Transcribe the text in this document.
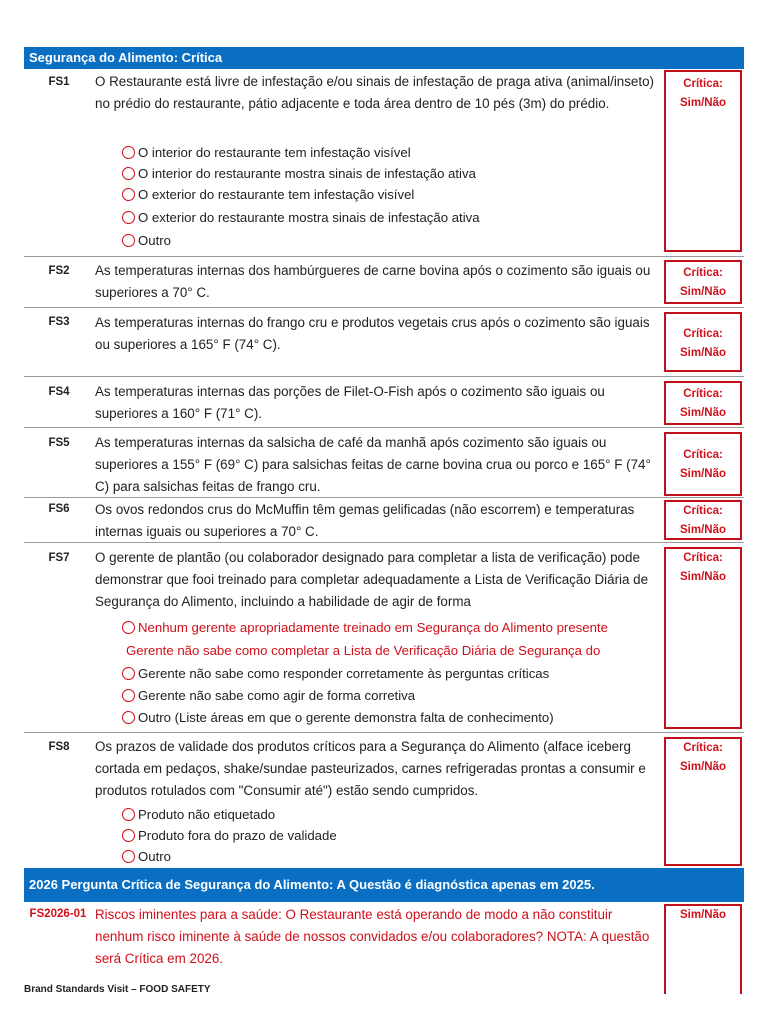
Segurança do Alimento: Crítica
FS1	O Restaurante está livre de infestação e/ou sinais de infestação de praga ativa (animal/inseto) no prédio do restaurante, pátio adjacente e toda área dentro de 10 pés (3m) do prédio.
O interior do restaurante tem infestação visível
O interior do restaurante mostra sinais de infestação ativa
O exterior do restaurante tem infestação visível
O exterior do restaurante mostra sinais de infestação ativa
Outro
Crítica:
Sim/Não
FS2	As temperaturas internas dos hambúrgueres de carne bovina após o cozimento são iguais ou superiores a 70° C.
Crítica:
Sim/Não
FS3	As temperaturas internas do frango cru e produtos vegetais crus após o cozimento são iguais ou superiores a 165° F (74° C).
Crítica:
Sim/Não
FS4	As temperaturas internas das porções de Filet-O-Fish após o cozimento são iguais ou superiores a 160° F (71° C).
Crítica:
Sim/Não
FS5	As temperaturas internas da salsicha de café da manhã após cozimento são iguais ou superiores a 155° F (69° C) para salsichas feitas de carne bovina crua ou porco e 165° F (74° C) para salsichas feitas de frango cru.
Crítica:
Sim/Não
FS6	Os ovos redondos crus do McMuffin têm gemas gelificadas (não escorrem) e temperaturas internas iguais ou superiores a 70° C.
Crítica:
Sim/Não
FS7	O gerente de plantão (ou colaborador designado para completar a lista de verificação) pode demonstrar que fooi treinado para completar adequadamente a Lista de Verificação Diária de Segurança do Alimento, incluindo a habilidade de agir de forma
Nenhum gerente apropriadamente treinado em Segurança do Alimento presente
Gerente não sabe como completar a Lista de Verificação Diária de Segurança do
Gerente não sabe como responder corretamente às perguntas críticas
Gerente não sabe como agir de forma corretiva
Outro (Liste áreas em que o gerente demonstra falta de conhecimento)
Crítica:
Sim/Não
FS8	Os prazos de validade dos produtos críticos para a Segurança do Alimento (alface iceberg cortada em pedaços, shake/sundae pasteurizados, carnes refrigeradas prontas a consumir e produtos rotulados com "Consumir até") estão sendo cumpridos.
Produto não etiquetado
Produto fora do prazo de validade
Outro
Crítica:
Sim/Não
2026 Pergunta Crítica de Segurança do Alimento: A Questão é diagnóstica apenas em 2025.
FS2026-01 Riscos iminentes para a saúde: O Restaurante está operando de modo a não constituir nenhum risco iminente à saúde de nossos convidados e/ou colaboradores? NOTA: A questão será Crítica em 2026.
Sim/Não
Brand Standards Visit – FOOD SAFETY
